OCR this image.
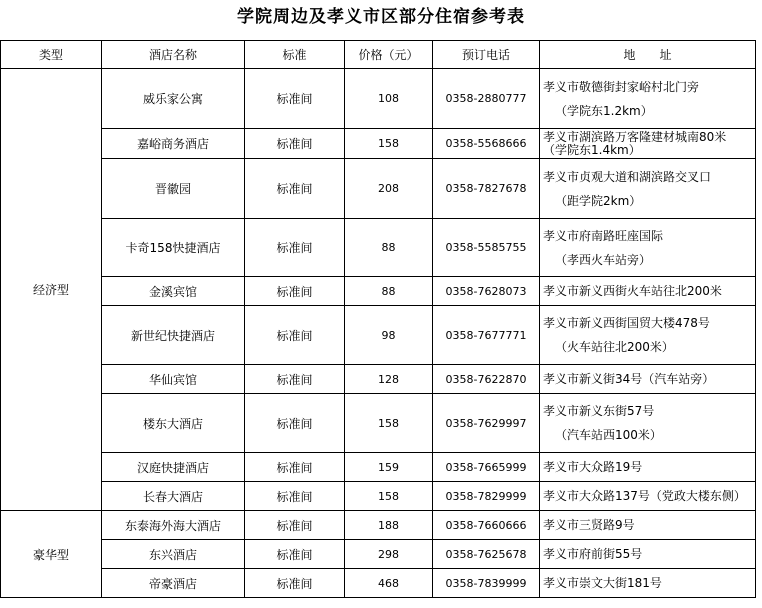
学院周边及孝义市区部分住宿参考表
类型	酒店名称	标准	价格（元）	预订电话	地　　址
经济型	威乐家公寓	标准间	108	0358-2880777	孝义市敬德街封家峪村北门旁
（学院东1.2km）

	嘉峪商务酒店	标准间	158	0358-5568666	孝义市湖滨路万客隆建材城南80米
（学院东1.4km）

	晋徽园	标准间	208	0358-7827678	孝义市贞观大道和湖滨路交叉口
（距学院2km）

	卡奇158快捷酒店	标准间	88	0358-5585755	孝义市府南路旺座国际
（孝西火车站旁）

	金溪宾馆	标准间	88	0358-7628073	孝义市新义西街火车站往北200米

	新世纪快捷酒店	标准间	98	0358-7677771	孝义市新义西街国贸大楼478号
（火车站往北200米）

	华仙宾馆	标准间	128	0358-7622870	孝义市新义街34号（汽车站旁）

	楼东大酒店	标准间	158	0358-7629997	孝义市新义东街57号
（汽车站西100米）

	汉庭快捷酒店	标准间	159	0358-7665999	孝义市大众路19号

	长春大酒店	标准间	158	0358-7829999	孝义市大众路137号（党政大楼东侧）

豪华型	东泰海外海大酒店	标准间	188	0358-7660666	孝义市三贤路9号

	东兴酒店	标准间	298	0358-7625678	孝义市府前街55号

	帝豪酒店	标准间	468	0358-7839999	孝义市崇文大街181号
